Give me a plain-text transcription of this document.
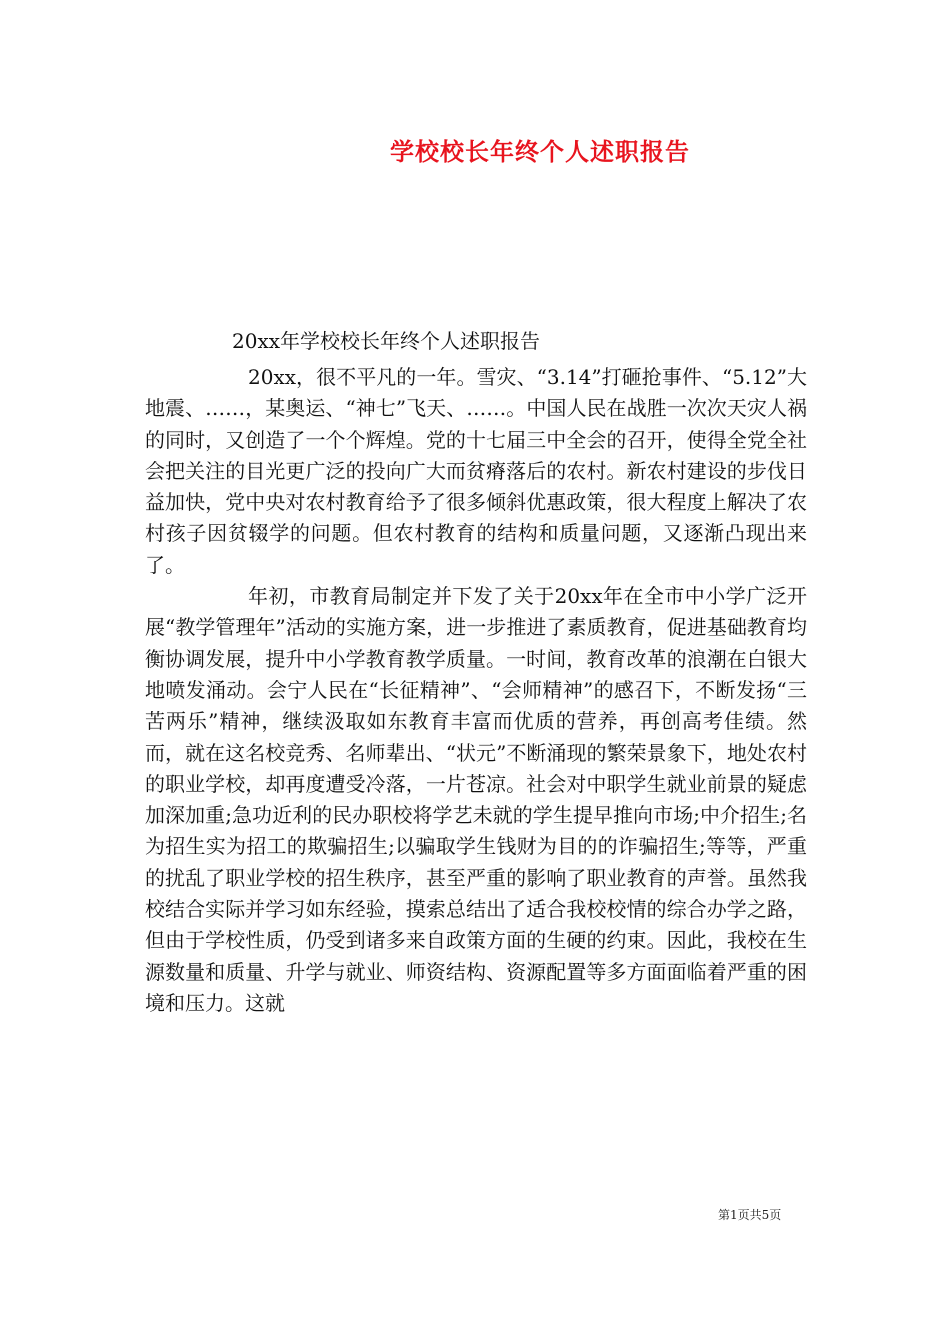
学校校长年终个人述职报告
20xx年学校校长年终个人述职报告

20xx，很不平凡的一年。雪灾、“3.14”打砸抢事件、“5.12”大地震、……，某奥运、“神七”飞天、……。中国人民在战胜一次次天灾人祸的同时，又创造了一个个辉煌。党的十七届三中全会的召开，使得全党全社会把关注的目光更广泛的投向广大而贫瘠落后的农村。新农村建设的步伐日益加快，党中央对农村教育给予了很多倾斜优惠政策，很大程度上解决了农村孩子因贫辍学的问题。但农村教育的结构和质量问题，又逐渐凸现出来了。

年初，市教育局制定并下发了关于20xx年在全市中小学广泛开展“教学管理年”活动的实施方案，进一步推进了素质教育，促进基础教育均衡协调发展，提升中小学教育教学质量。一时间，教育改革的浪潮在白银大地喷发涌动。会宁人民在“长征精神”、“会师精神”的感召下，不断发扬“三苦两乐”精神，继续汲取如东教育丰富而优质的营养，再创高考佳绩。然而，就在这名校竞秀、名师辈出、“状元”不断涌现的繁荣景象下，地处农村的职业学校，却再度遭受冷落，一片苍凉。社会对中职学生就业前景的疑虑加深加重;急功近利的民办职校将学艺未就的学生提早推向市场;中介招生;名为招生实为招工的欺骗招生;以骗取学生钱财为目的的诈骗招生;等等，严重的扰乱了职业学校的招生秩序，甚至严重的影响了职业教育的声誉。虽然我校结合实际并学习如东经验，摸索总结出了适合我校校情的综合办学之路，但由于学校性质，仍受到诸多来自政策方面的生硬的约束。因此，我校在生源数量和质量、升学与就业、师资结构、资源配置等多方面面临着严重的困境和压力。这就

第1页共5页
